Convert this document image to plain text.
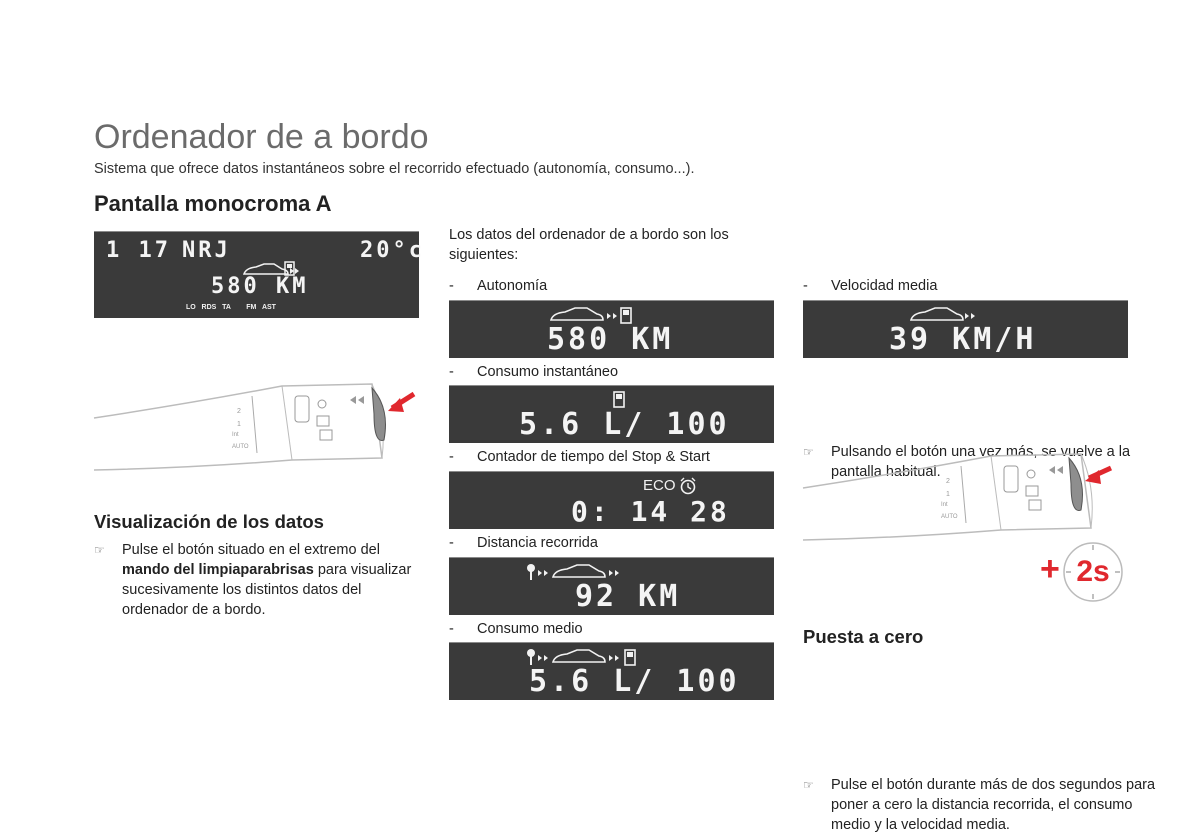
Ordenador de a bordo
Sistema que ofrece datos instantáneos sobre el recorrido efectuado (autonomía, consumo...).
Pantalla monocroma A
1 17 NRJ	20°c
580 KM
LO   RDS   TA        FM   AST
2
1
Int
AUTO
Visualización de los datos
☞ Pulse el botón situado en el extremo del mando del limpiaparabrisas para visualizar sucesivamente los distintos datos del ordenador de a bordo.
Los datos del ordenador de a bordo son los siguientes:
- Autonomía
580 KM
- Consumo instantáneo
5.6 L/ 100
- Contador de tiempo del Stop & Start
ECO
0: 14 28
- Distancia recorrida
92 KM
- Consumo medio
5.6 L/ 100
- Velocidad media
39 KM/H
☞ Pulsando el botón una vez más, se vuelve a la pantalla habitual.
2
1
Int
AUTO
+ 2s
Puesta a cero
☞ Pulse el botón durante más de dos segundos para poner a cero la distancia recorrida, el consumo medio y la velocidad media.
